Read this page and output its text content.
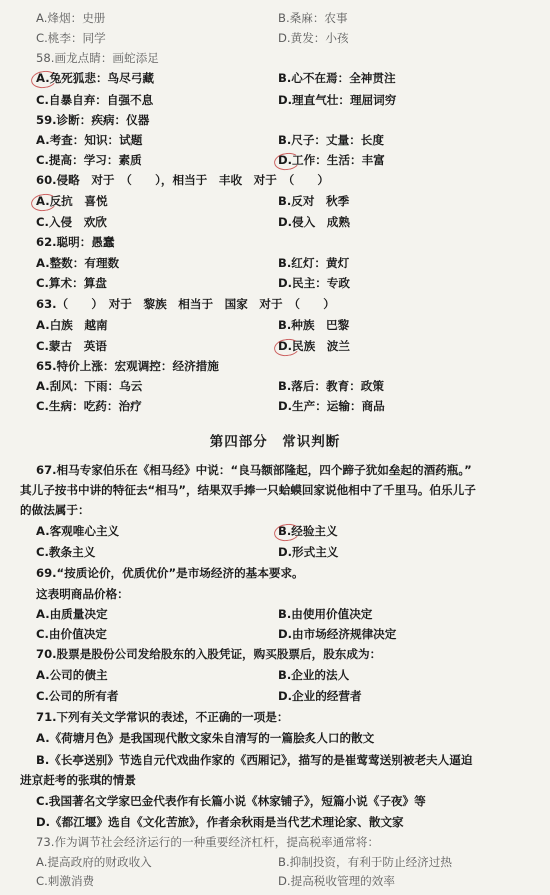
A.烽烟：史册	B.桑麻：农事
C.桃李：同学	D.黄发：小孩
58.画龙点睛：画蛇添足
A.兔死狐悲：鸟尽弓藏	B.心不在焉：全神贯注
C.自暴自弃：自强不息	D.理直气壮：理屈词穷
59.诊断：疾病：仪器
A.考查：知识：试题	B.尺子：丈量：长度
C.提高：学习：素质	D.工作：生活：丰富
60.侵略　对于　（　　），相当于　丰收　对于　（　　）
A.反抗　喜悦	B.反对　秋季
C.入侵　欢欣	D.侵入　成熟
62.聪明：愚蠢
A.整数：有理数	B.红灯：黄灯
C.算术：算盘	D.民主：专政
63.（　　）　对于　黎族　相当于　国家　对于　（　　）
A.白族　越南	B.种族　巴黎
C.蒙古　英语	D.民族　波兰
65.特价上涨：宏观调控：经济措施
A.刮风：下雨：乌云	B.落后：教育：政策
C.生病：吃药：治疗	D.生产：运输：商品
第四部分　常识判断
67.相马专家伯乐在《相马经》中说：“良马额部隆起，四个蹄子犹如垒起的酒药瓶。”
其儿子按书中讲的特征去“相马”，结果双手捧一只蛤蟆回家说他相中了千里马。伯乐儿子
的做法属于：
A.客观唯心主义	B.经验主义
C.教条主义	D.形式主义
69.“按质论价，优质优价”是市场经济的基本要求。
这表明商品价格：
A.由质量决定	B.由使用价值决定
C.由价值决定	D.由市场经济规律决定
70.股票是股份公司发给股东的入股凭证，购买股票后，股东成为：
A.公司的债主	B.企业的法人
C.公司的所有者	D.企业的经营者
71.下列有关文学常识的表述，不正确的一项是：
A.《荷塘月色》是我国现代散文家朱自清写的一篇脍炙人口的散文
B.《长亭送别》节选自元代戏曲作家的《西厢记》，描写的是崔莺莺送别被老夫人逼迫
进京赶考的张琪的情景
C.我国著名文学家巴金代表作有长篇小说《林家铺子》，短篇小说《子夜》等
D.《都江堰》选自《文化苦旅》，作者余秋雨是当代艺术理论家、散文家
73.作为调节社会经济运行的一种重要经济杠杆，提高税率通常将：
A.提高政府的财政收入	B.抑制投资，有利于防止经济过热
C.刺激消费	D.提高税收管理的效率
